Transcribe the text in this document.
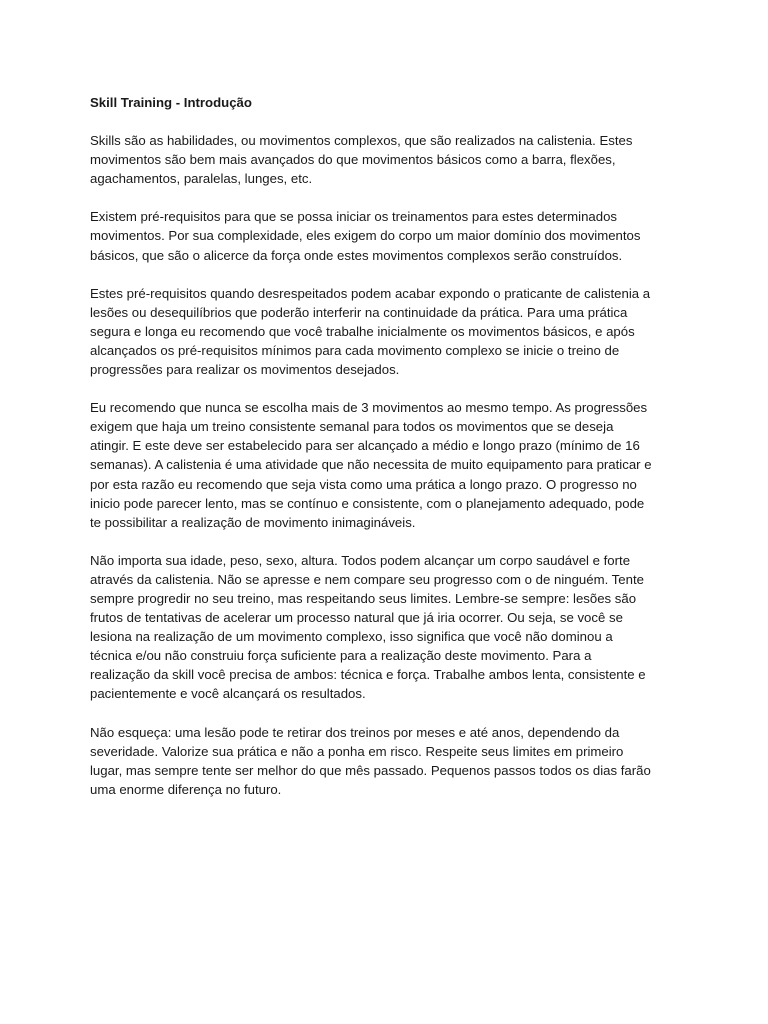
Skill Training - Introdução
Skills são as habilidades, ou movimentos complexos, que são realizados na calistenia. Estes
movimentos são bem mais avançados do que movimentos básicos como a barra, flexões,
agachamentos, paralelas, lunges, etc.
Existem pré-requisitos para que se possa iniciar os treinamentos para estes determinados
movimentos. Por sua complexidade, eles exigem do corpo um maior domínio dos movimentos
básicos, que são o alicerce da força onde estes movimentos complexos serão construídos.
Estes pré-requisitos quando desrespeitados podem acabar expondo o praticante de calistenia a
lesões ou desequilíbrios que poderão interferir na continuidade da prática. Para uma prática
segura e longa eu recomendo que você trabalhe inicialmente os movimentos básicos, e após
alcançados os pré-requisitos mínimos para cada movimento complexo se inicie o treino de
progressões para realizar os movimentos desejados.
Eu recomendo que nunca se escolha mais de 3 movimentos ao mesmo tempo. As progressões
exigem que haja um treino consistente semanal para todos os movimentos que se deseja
atingir. E este deve ser estabelecido para ser alcançado a médio e longo prazo (mínimo de 16
semanas). A calistenia é uma atividade que não necessita de muito equipamento para praticar e
por esta razão eu recomendo que seja vista como uma prática a longo prazo. O progresso no
inicio pode parecer lento, mas se contínuo e consistente, com o planejamento adequado, pode
te possibilitar a realização de movimento inimagináveis.
Não importa sua idade, peso, sexo, altura. Todos podem alcançar um corpo saudável e forte
através da calistenia. Não se apresse e nem compare seu progresso com o de ninguém. Tente
sempre progredir no seu treino, mas respeitando seus limites. Lembre-se sempre: lesões são
frutos de tentativas de acelerar um processo natural que já iria ocorrer. Ou seja, se você se
lesiona na realização de um movimento complexo, isso significa que você não dominou a
técnica e/ou não construiu força suficiente para a realização deste movimento. Para a
realização da skill você precisa de ambos: técnica e força. Trabalhe ambos lenta, consistente e
pacientemente e você alcançará os resultados.
Não esqueça: uma lesão pode te retirar dos treinos por meses e até anos, dependendo da
severidade. Valorize sua prática e não a ponha em risco. Respeite seus limites em primeiro
lugar, mas sempre tente ser melhor do que mês passado. Pequenos passos todos os dias farão
uma enorme diferença no futuro.
